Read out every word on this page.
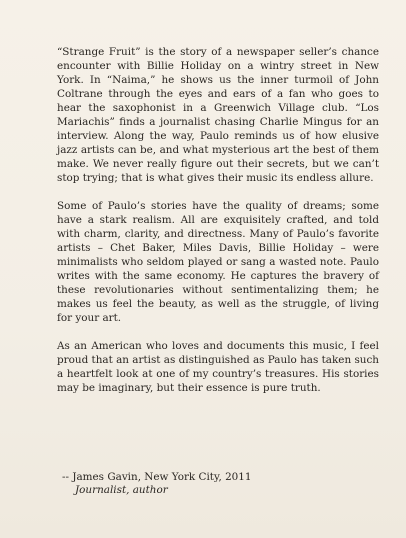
“Strange Fruit” is the story of a newspaper seller’s chance encounter with Billie Holiday on a wintry street in New York. In “Naima,” he shows us the inner turmoil of John Coltrane through the eyes and ears of a fan who goes to hear the saxophonist in a Greenwich Village club. “Los Mariachis” finds a journalist chasing Charlie Mingus for an interview. Along the way, Paulo reminds us of how elusive jazz artists can be, and what mysterious art the best of them make. We never really figure out their secrets, but we can’t stop trying; that is what gives their music its endless allure.

Some of Paulo’s stories have the quality of dreams; some have a stark realism. All are exquisitely crafted, and told with charm, clarity, and directness. Many of Paulo’s favorite artists – Chet Baker, Miles Davis, Billie Holiday – were minimalists who seldom played or sang a wasted note. Paulo writes with the same economy. He captures the bravery of these revolutionaries without sentimentalizing them; he makes us feel the beauty, as well as the struggle, of living for your art.

As an American who loves and documents this music, I feel proud that an artist as distinguished as Paulo has taken such a heartfelt look at one of my country’s treasures. His stories may be imaginary, but their essence is pure truth.

-- James Gavin, New York City, 2011
Journalist, author
